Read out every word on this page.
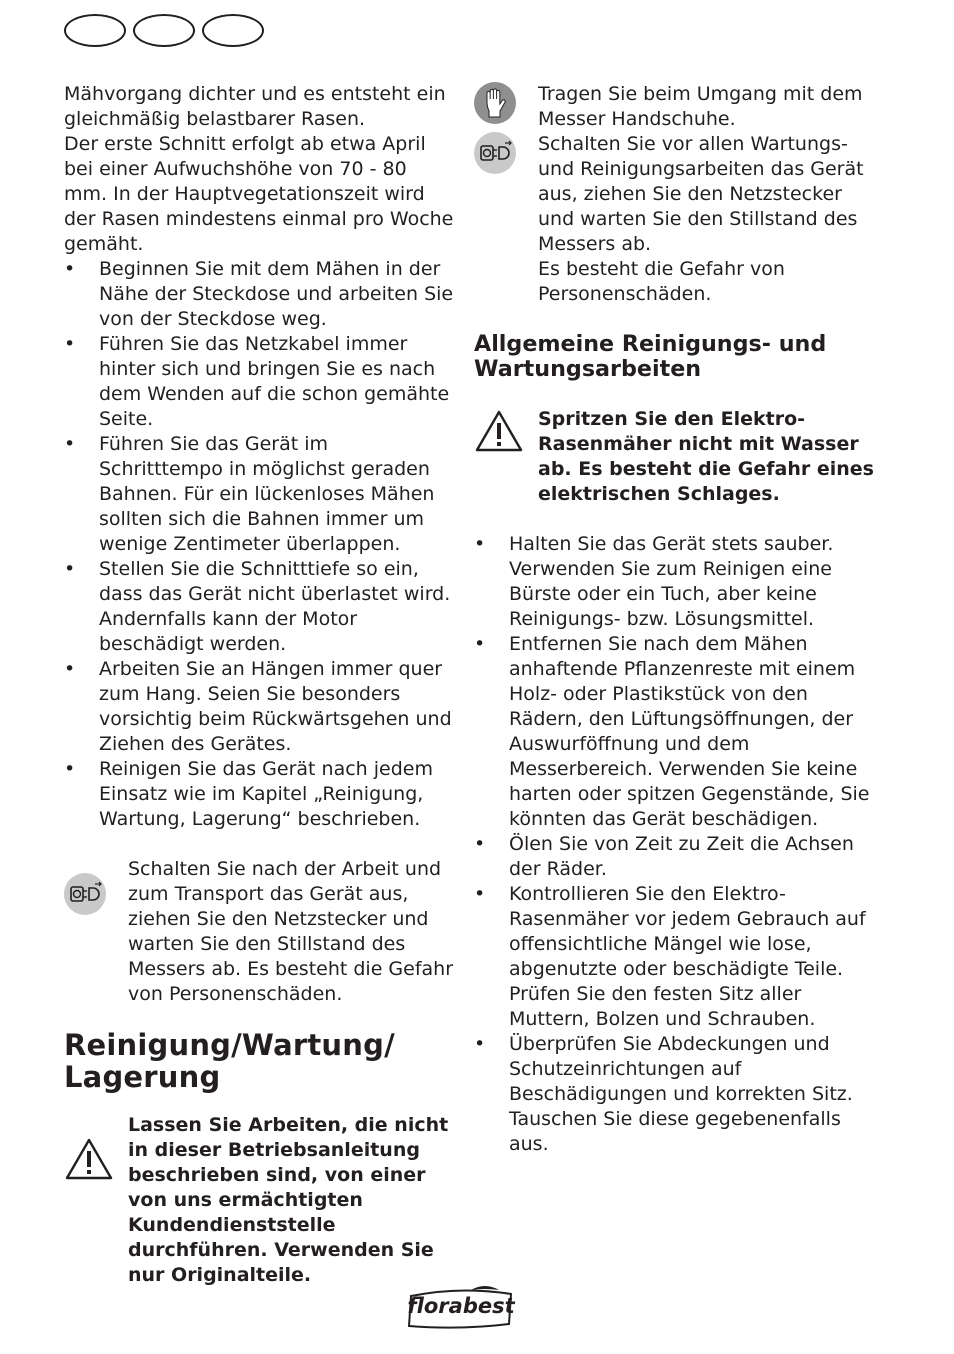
Mähvorgang dichter und es entsteht ein gleichmäßig belastbarer Rasen.

Der erste Schnitt erfolgt ab etwa April bei einer Aufwuchshöhe von 70 - 80 mm. In der Hauptvegetationszeit wird der Rasen mindestens einmal pro Woche gemäht.

• Beginnen Sie mit dem Mähen in der Nähe der Steckdose und arbeiten Sie von der Steckdose weg.
• Führen Sie das Netzkabel immer hinter sich und bringen Sie es nach dem Wenden auf die schon gemähte Seite.
• Führen Sie das Gerät im Schritttempo in möglichst geraden Bahnen. Für ein lückenloses Mähen sollten sich die Bahnen immer um wenige Zentimeter überlappen.
• Stellen Sie die Schnitttiefe so ein, dass das Gerät nicht überlastet wird. Andernfalls kann der Motor beschädigt werden.
• Arbeiten Sie an Hängen immer quer zum Hang. Seien Sie besonders vorsichtig beim Rückwärtsgehen und Ziehen des Gerätes.
• Reinigen Sie das Gerät nach jedem Einsatz wie im Kapitel „Reinigung, Wartung, Lagerung“ beschrieben.
Schalten Sie nach der Arbeit und zum Transport das Gerät aus, ziehen Sie den Netzstecker und warten Sie den Stillstand des Messers ab. Es besteht die Gefahr von Personenschäden.
Reinigung/Wartung/ Lagerung
Lassen Sie Arbeiten, die nicht in dieser Betriebsanleitung beschrieben sind, von einer von uns ermächtigten Kundendienststelle durchführen. Verwenden Sie nur Originalteile.
Tragen Sie beim Umgang mit dem Messer Handschuhe.
Schalten Sie vor allen Wartungs- und Reinigungsarbeiten das Gerät aus, ziehen Sie den Netzstecker und warten Sie den Stillstand des Messers ab.
Es besteht die Gefahr von Personenschäden.
Allgemeine Reinigungs- und Wartungsarbeiten
Spritzen Sie den Elektro-Rasenmäher nicht mit Wasser ab. Es besteht die Gefahr eines elektrischen Schlages.
• Halten Sie das Gerät stets sauber. Verwenden Sie zum Reinigen eine Bürste oder ein Tuch, aber keine Reinigungs- bzw. Lösungsmittel.
• Entfernen Sie nach dem Mähen anhaftende Pflanzenreste mit einem Holz- oder Plastikstück von den Rädern, den Lüftungsöffnungen, der Auswurföffnung und dem Messerbereich. Verwenden Sie keine harten oder spitzen Gegenstände, Sie könnten das Gerät beschädigen.
• Ölen Sie von Zeit zu Zeit die Achsen der Räder.
• Kontrollieren Sie den Elektro-Rasenmäher vor jedem Gebrauch auf offensichtliche Mängel wie lose, abgenutzte oder beschädigte Teile. Prüfen Sie den festen Sitz aller Muttern, Bolzen und Schrauben.
• Überprüfen Sie Abdeckungen und Schutzeinrichtungen auf Beschädigungen und korrekten Sitz. Tauschen Sie diese gegebenenfalls aus.
florabest
